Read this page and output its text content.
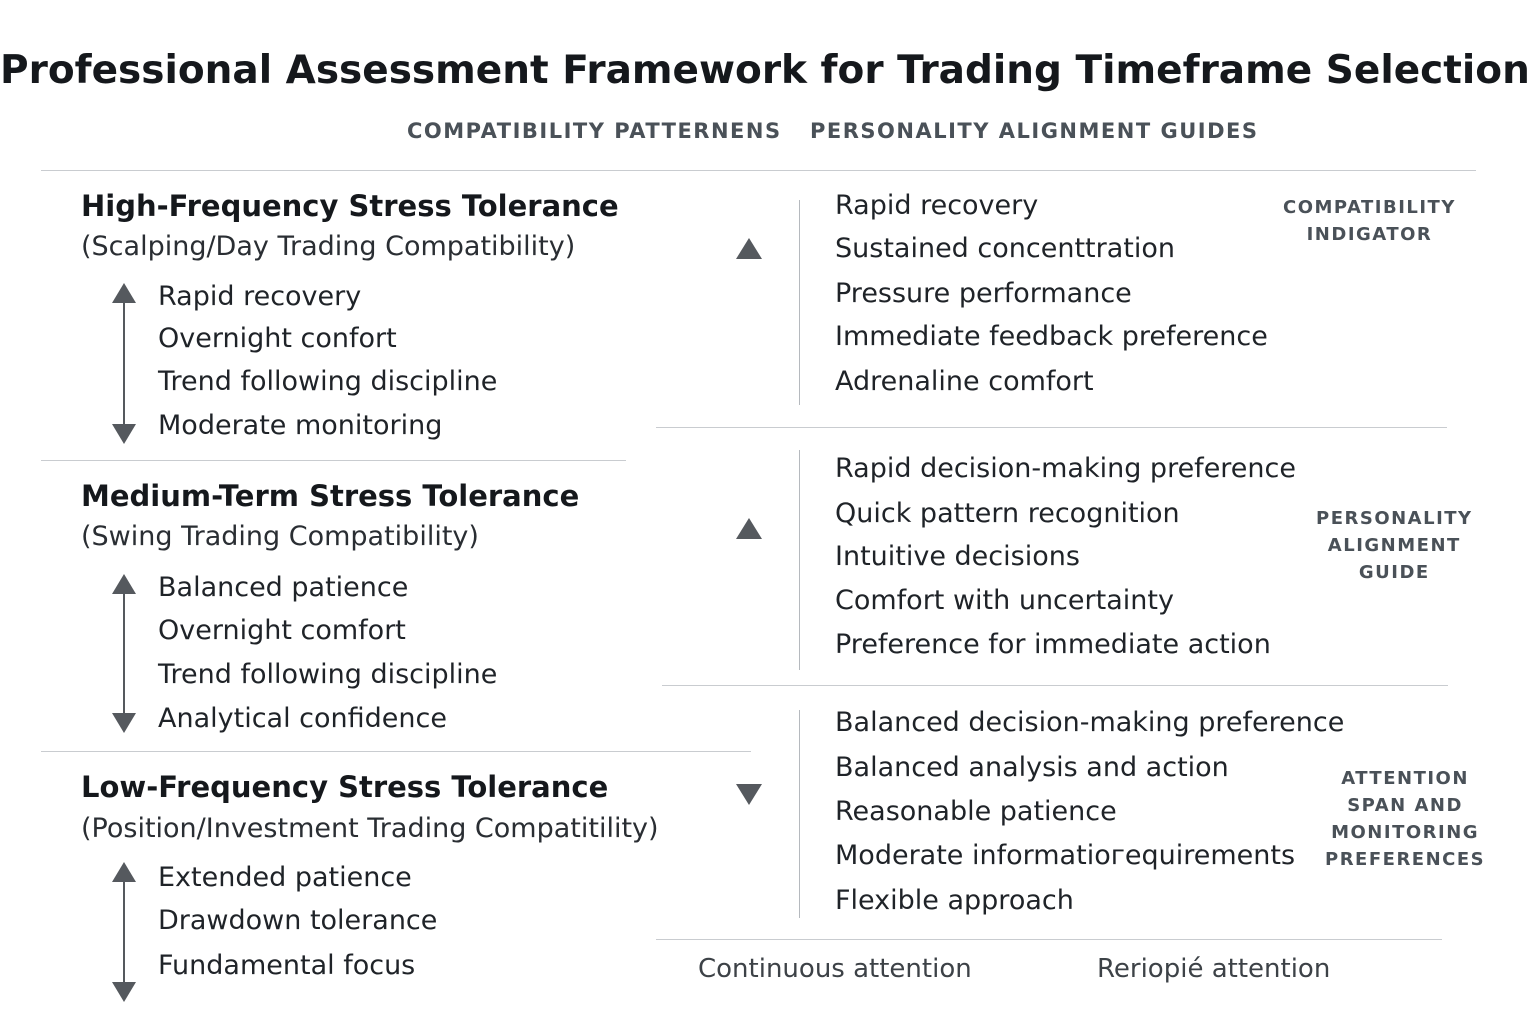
Professional Assessment Framework for Trading Timeframe Selection
COMPATIBILITY PATTERNENS PERSONALITY ALIGNMENT GUIDES
High-Frequency Stress Tolerance
(Scalping/Day Trading Compatibility)
Rapid recovery
Overnight confort
Trend following discipline
Moderate monitoring
Medium-Term Stress Tolerance
(Swing Trading Compatibility)
Balanced patience
Overnight comfort
Trend following discipline
Analytical confidence
Low-Frequency Stress Tolerance
(Position/Investment Trading Compatitility)
Extended patience
Drawdown tolerance
Fundamental focus
Rapid recovery
Sustained concenttration
Pressure performance
Immediate feedback preference
Adrenaline comfort
COMPATIBILITY
INDIGATOR
Rapid decision-making preference
Quick pattern recognition
Intuitive decisions
Comfort with uncertainty
Preference for immediate action
PERSONALITY
ALIGNMENT
GUIDE
Balanced decision-making preference
Balanced analysis and action
Reasonable patience
Moderate informatioгequirements
Flexible approach
ATTENTION
SPAN AND
MONITORING
PREFERENCES
Continuous attention	Reriopié attention
